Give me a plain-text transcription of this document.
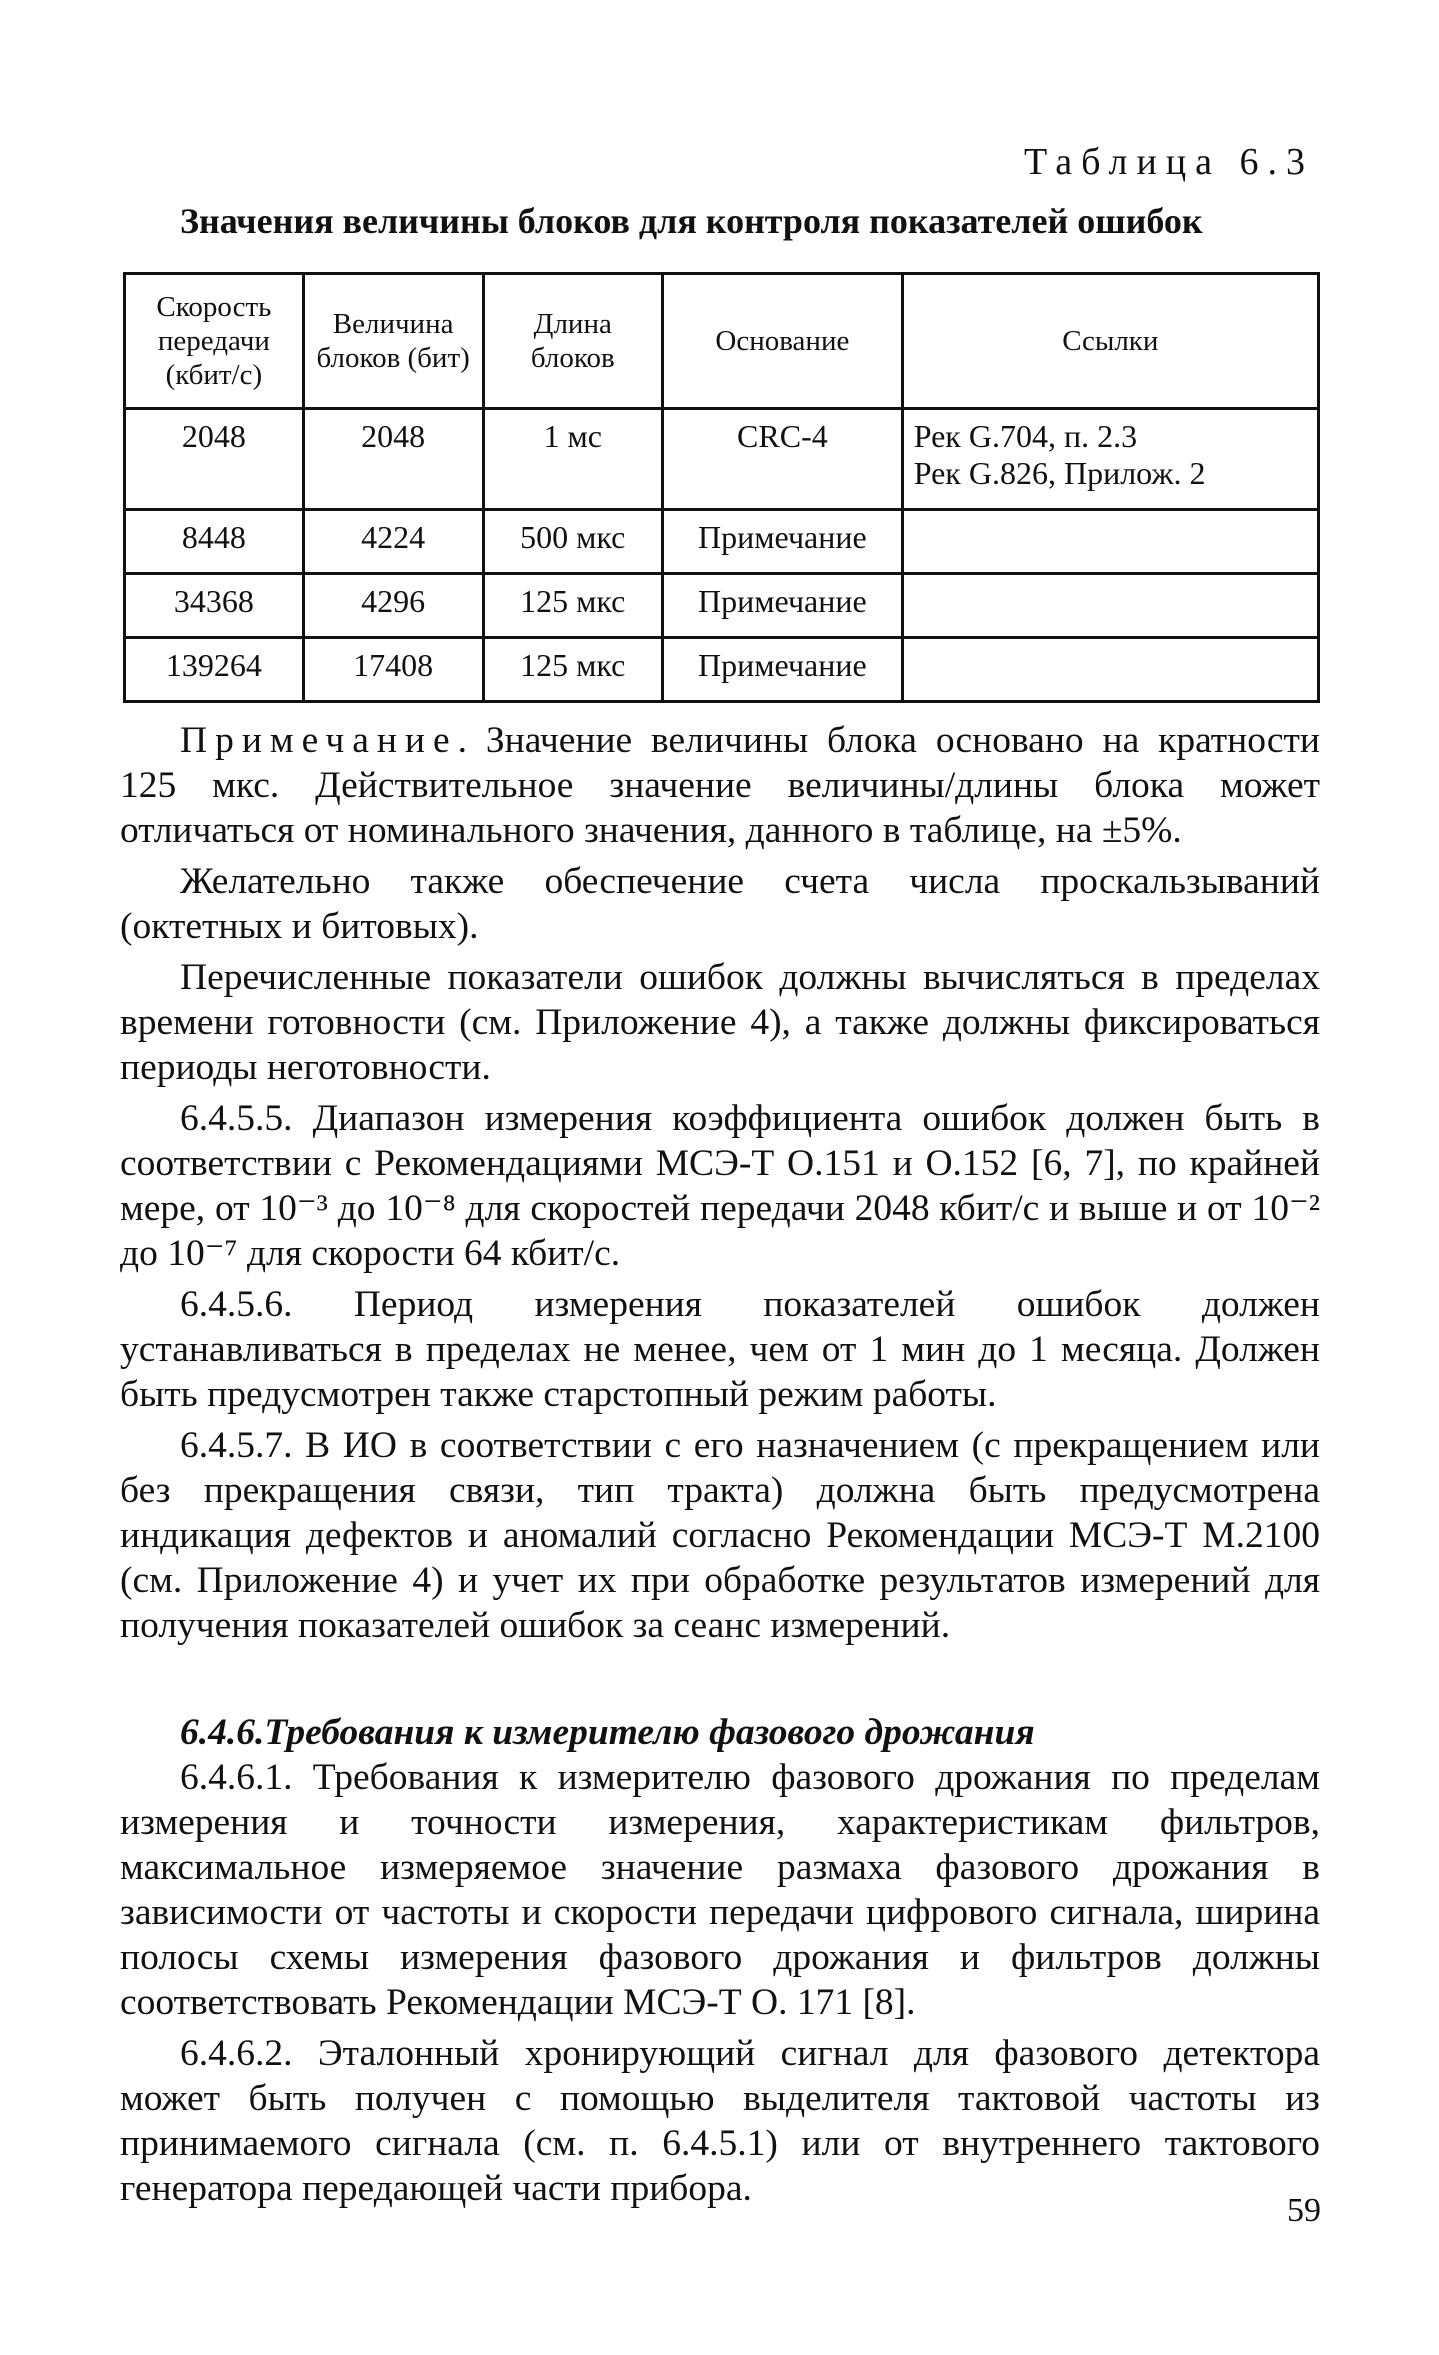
Таблица 6.3
Значения величины блоков для контроля показателей ошибок
Скорость передачи (кбит/с)	Величина блоков (бит)	Длина блоков	Основание	Ссылки
2048	2048	1 мс	CRC-4	Рек G.704, п. 2.3
Рек G.826, Прилож. 2
8448	4224	500 мкс	Примечание	
34368	4296	125 мкс	Примечание	
139264	17408	125 мкс	Примечание	

Примечание. Значение величины блока основано на кратности 125 мкс. Действительное значение величины/длины блока может отличаться от номинального значения, данного в таблице, на ±5%.

Желательно также обеспечение счета числа проскальзываний (октетных и битовых).

Перечисленные показатели ошибок должны вычисляться в пределах времени готовности (см. Приложение 4), а также должны фиксироваться периоды неготовности.

6.4.5.5. Диапазон измерения коэффициента ошибок должен быть в соответствии с Рекомендациями МСЭ-Т О.151 и О.152 [6, 7], по крайней мере, от 10⁻³ до 10⁻⁸ для скоростей передачи 2048 кбит/с и выше и от 10⁻² до 10⁻⁷ для скорости 64 кбит/с.

6.4.5.6. Период измерения показателей ошибок должен устанавливаться в пределах не менее, чем от 1 мин до 1 месяца. Должен быть предусмотрен также старстопный режим работы.

6.4.5.7. В ИО в соответствии с его назначением (с прекращением или без прекращения связи, тип тракта) должна быть предусмотрена индикация дефектов и аномалий согласно Рекомендации МСЭ-Т М.2100 (см. Приложение 4) и учет их при обработке результатов измерений для получения показателей ошибок за сеанс измерений.

6.4.6.Требования к измерителю фазового дрожания

6.4.6.1. Требования к измерителю фазового дрожания по пределам измерения и точности измерения, характеристикам фильтров, максимальное измеряемое значение размаха фазового дрожания в зависимости от частоты и скорости передачи цифрового сигнала, ширина полосы схемы измерения фазового дрожания и фильтров должны соответствовать Рекомендации МСЭ-Т О. 171 [8].

6.4.6.2. Эталонный хронирующий сигнал для фазового детектора может быть получен с помощью выделителя тактовой частоты из принимаемого сигнала (см. п. 6.4.5.1) или от внутреннего тактового генератора передающей части прибора.

59
